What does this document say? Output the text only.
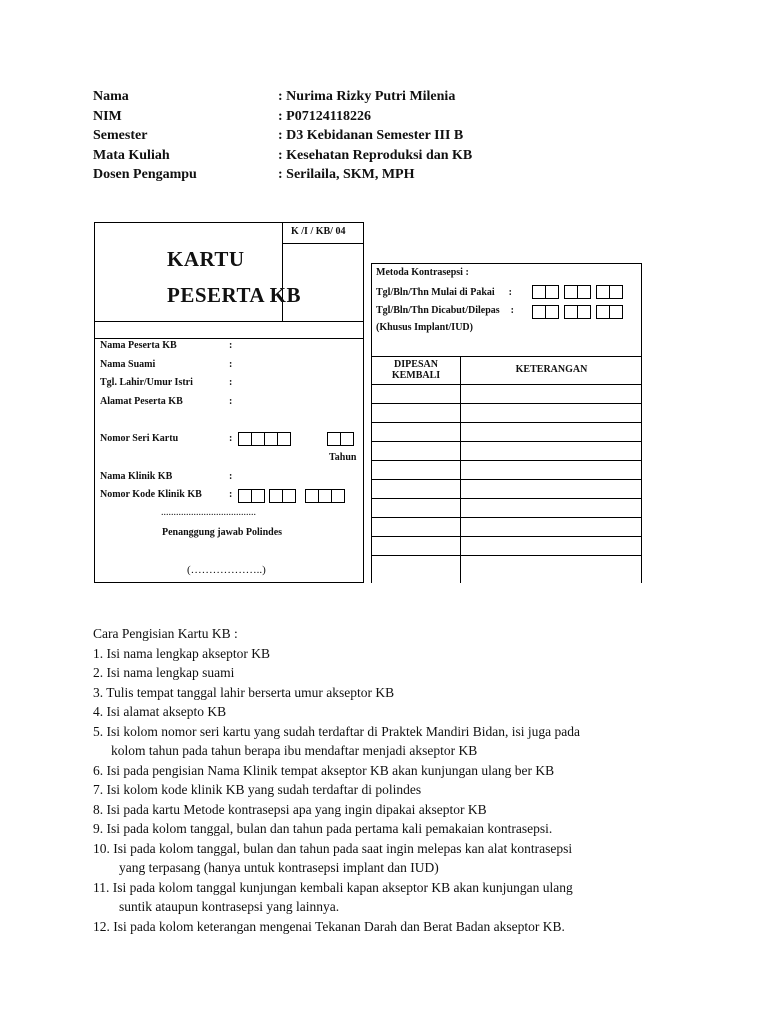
Nama	: Nurima Rizky Putri Milenia
NIM	: P07124118226
Semester	: D3 Kebidanan Semester III B
Mata Kuliah	: Kesehatan Reproduksi dan KB
Dosen Pengampu	: Serilaila, SKM, MPH
K /I / KB/ 04
KARTU
PESERTA KB
Nama Peserta KB	:
Nama Suami	:
Tgl. Lahir/Umur Istri	:
Alamat Peserta KB	:
Nomor Seri Kartu	:
Nama Klinik KB	:
Nomor Kode Klinik KB	:
Tahun
......................................
Penanggung jawab Polindes
(………………..)
Metoda Kontrasepsi :
Tgl/Bln/Thn Mulai di Pakai :
Tgl/Bln/Thn Dicabut/Dilepas :
(Khusus Implant/IUD)
DIPESAN KEMBALI
KETERANGAN
Cara Pengisian Kartu KB :
1. Isi nama lengkap akseptor KB
2. Isi nama lengkap suami
3. Tulis tempat tanggal lahir berserta umur akseptor KB
4. Isi alamat aksepto KB
5. Isi kolom nomor seri kartu yang sudah terdaftar di Praktek Mandiri Bidan, isi juga pada
kolom tahun pada tahun berapa ibu mendaftar menjadi akseptor KB
6. Isi pada pengisian Nama Klinik tempat akseptor KB akan kunjungan ulang ber KB
7. Isi kolom kode klinik KB yang sudah terdaftar di polindes
8. Isi pada kartu Metode kontrasepsi apa yang ingin dipakai akseptor KB
9. Isi pada kolom tanggal, bulan dan tahun pada pertama kali pemakaian kontrasepsi.
10. Isi pada kolom tanggal, bulan dan tahun pada saat ingin melepas kan alat kontrasepsi
yang terpasang (hanya untuk kontrasepsi implant dan IUD)
11. Isi pada kolom tanggal kunjungan kembali kapan akseptor KB akan kunjungan ulang
suntik ataupun kontrasepsi yang lainnya.
12. Isi pada kolom keterangan mengenai Tekanan Darah dan Berat Badan akseptor KB.
